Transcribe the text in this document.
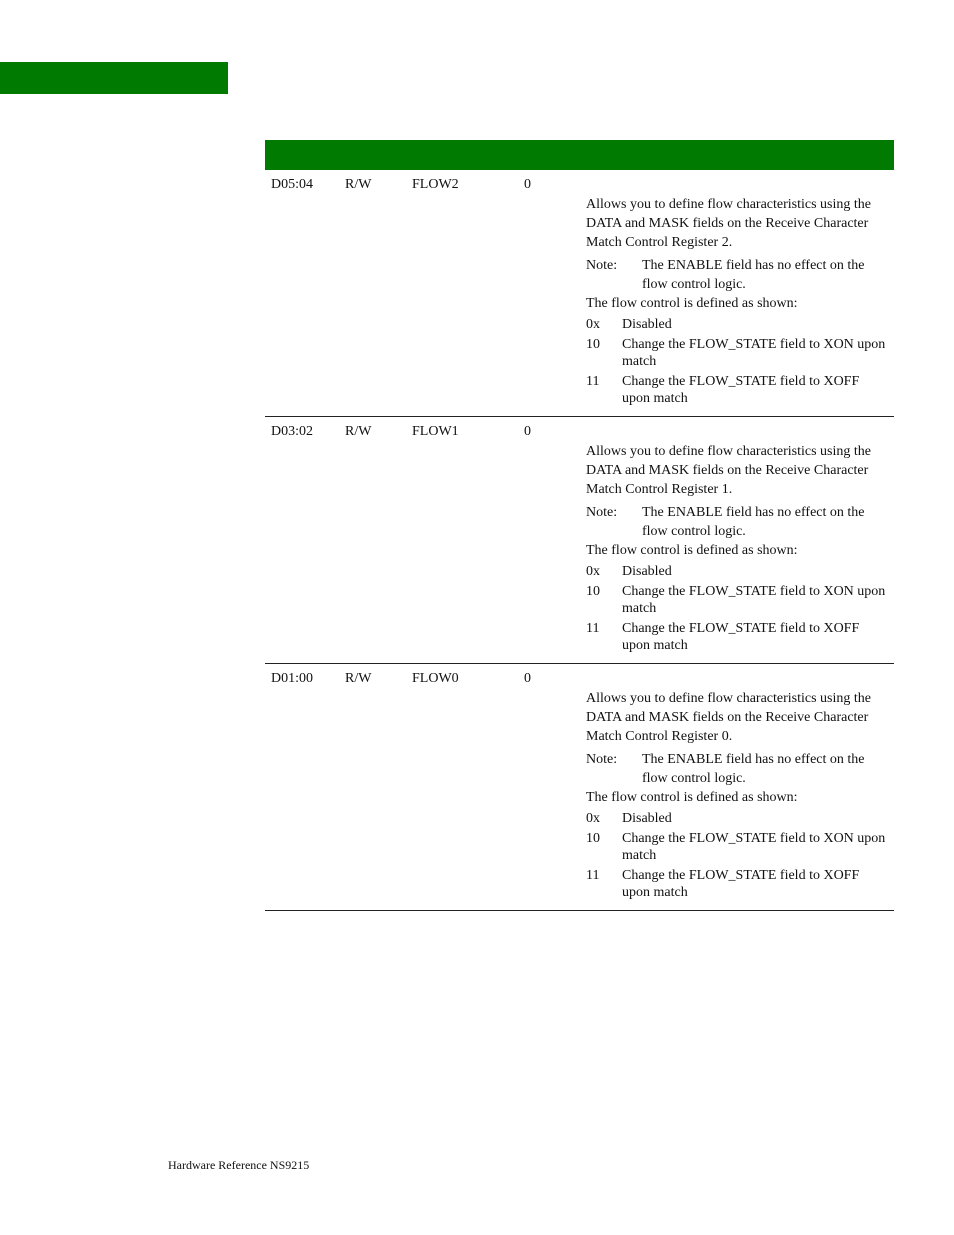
D05:04 R/W	FLOW2	0

Allows you to define flow characteristics using the DATA and MASK fields on the Receive Character Match Control Register 2.

Note:	The ENABLE field has no effect on the flow control logic.

The flow control is defined as shown:

0x	Disabled
10	Change the FLOW_STATE field to XON upon match
11	Change the FLOW_STATE field to XOFF upon match
D03:02 R/W	FLOW1	0

Allows you to define flow characteristics using the DATA and MASK fields on the Receive Character Match Control Register 1.

Note:	The ENABLE field has no effect on the flow control logic.

The flow control is defined as shown:

0x	Disabled
10	Change the FLOW_STATE field to XON upon match
11	Change the FLOW_STATE field to XOFF upon match
D01:00 R/W	FLOW0	0

Allows you to define flow characteristics using the DATA and MASK fields on the Receive Character Match Control Register 0.

Note:	The ENABLE field has no effect on the flow control logic.

The flow control is defined as shown:

0x	Disabled
10	Change the FLOW_STATE field to XON upon match
11	Change the FLOW_STATE field to XOFF upon match
Hardware Reference NS9215
